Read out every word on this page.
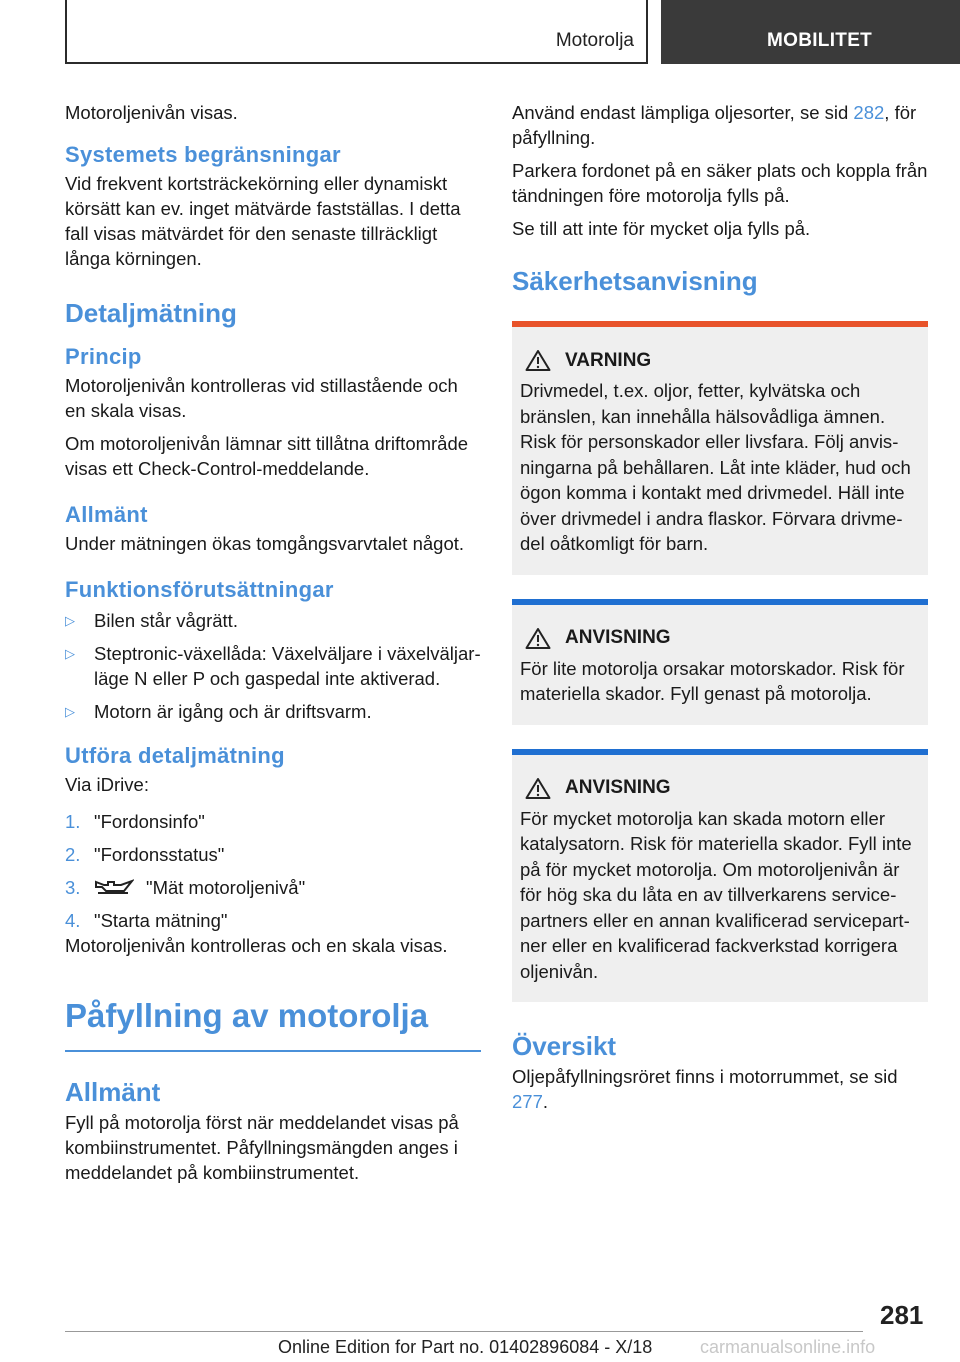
Motorolja	MOBILITET

Motoroljenivån visas.

Systemets begränsningar

Vid frekvent kortsträckekörning eller dynamiskt körsätt kan ev. inget mätvärde fastställas. I detta fall visas mätvärdet för den senaste tillräckligt långa körningen.

Detaljmätning
Princip

Motoroljenivån kontrolleras vid stillastående och en skala visas.

Om motoroljenivån lämnar sitt tillåtna driftområde visas ett Check-Control-meddelande.

Allmänt

Under mätningen ökas tomgångsvarvtalet något.

Funktionsförutsättningar
▷ Bilen står vågrätt.
▷ Steptronic-växellåda: Växelväljare i växelväljarläge N eller P och gaspedal inte aktiverad.
▷ Motorn är igång och är driftsvarm.
Utföra detaljmätning

Via iDrive:

1. "Fordonsinfo"
2. "Fordonsstatus"
3.	"Mät motoroljenivå"
4. "Starta mätning"

Motoroljenivån kontrolleras och en skala visas.

Påfyllning av motorolja
Allmänt

Fyll på motorolja först när meddelandet visas på kombiinstrumentet. Påfyllningsmängden anges i meddelandet på kombiinstrumentet.

Använd endast lämpliga oljesorter, se sid 282, för påfyllning.

Parkera fordonet på en säker plats och koppla från tändningen före motorolja fylls på.

Se till att inte för mycket olja fylls på.

Säkerhetsanvisning
VARNING

Drivmedel, t.ex. oljor, fetter, kylvätska och bränslen, kan innehålla hälsovådliga ämnen. Risk för personskador eller livsfara. Följ anvisningarna på behållaren. Låt inte kläder, hud och ögon komma i kontakt med drivmedel. Häll inte över drivmedel i andra flaskor. Förvara drivmedel oåtkomligt för barn.

ANVISNING

För lite motorolja orsakar motorskador. Risk för materiella skador. Fyll genast på motorolja.

ANVISNING

För mycket motorolja kan skada motorn eller katalysatorn. Risk för materiella skador. Fyll inte på för mycket motorolja. Om motoroljenivån är för hög ska du låta en av tillverkarens servicepartners eller en annan kvalificerad servicepartner eller en kvalificerad fackverkstad korrigera oljenivån.

Översikt

Oljepåfyllningsröret finns i motorrummet, se sid 277.

281
Online Edition for Part no. 01402896084 - X/18	carmanualsonline.info
